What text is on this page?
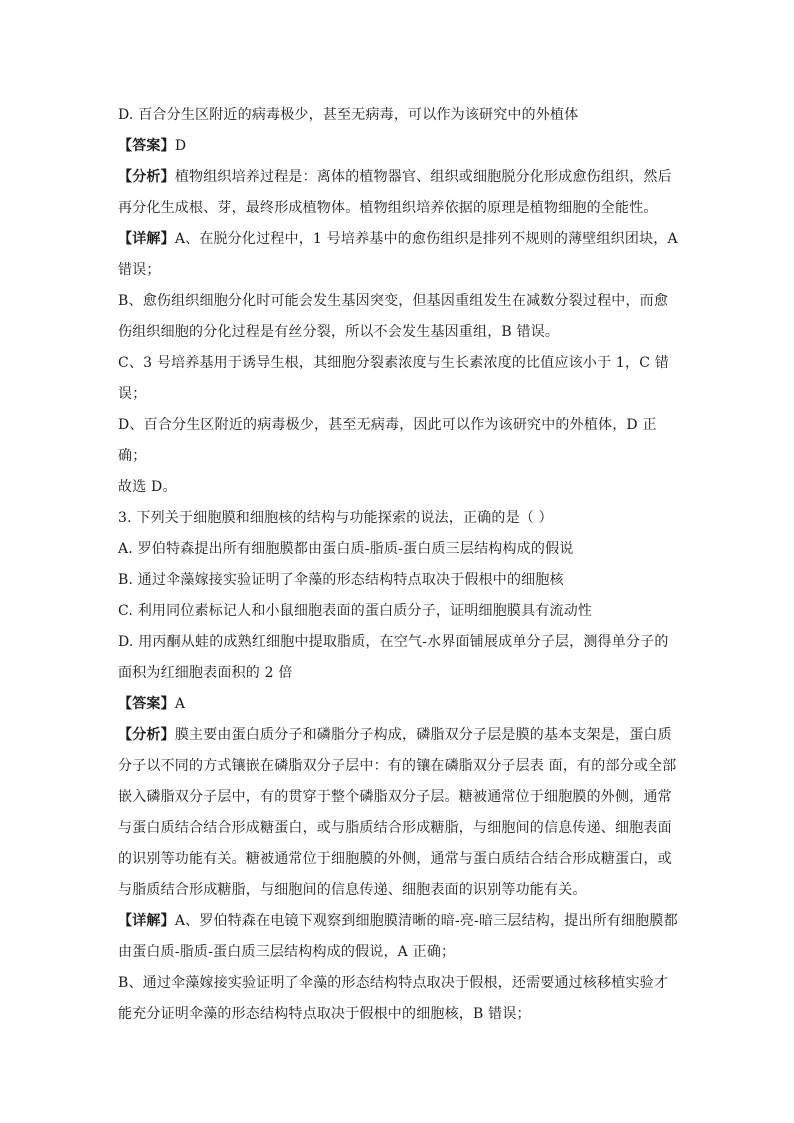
D. 百合分生区附近的病毒极少，甚至无病毒，可以作为该研究中的外植体
【答案】D
【分析】植物组织培养过程是：离体的植物器官、组织或细胞脱分化形成愈伤组织，然后
再分化生成根、芽，最终形成植物体。植物组织培养依据的原理是植物细胞的全能性。
【详解】A、在脱分化过程中，1 号培养基中的愈伤组织是排列不规则的薄壁组织团块，A
错误；
B、愈伤组织细胞分化时可能会发生基因突变，但基因重组发生在减数分裂过程中，而愈
伤组织细胞的分化过程是有丝分裂，所以不会发生基因重组，B 错误。
C、3 号培养基用于诱导生根，其细胞分裂素浓度与生长素浓度的比值应该小于 1，C 错
误；
D、百合分生区附近的病毒极少，甚至无病毒，因此可以作为该研究中的外植体，D 正
确；
故选 D。
3. 下列关于细胞膜和细胞核的结构与功能探索的说法，正确的是（ ）
A. 罗伯特森提出所有细胞膜都由蛋白质-脂质-蛋白质三层结构构成的假说
B. 通过伞藻嫁接实验证明了伞藻的形态结构特点取决于假根中的细胞核
C. 利用同位素标记人和小鼠细胞表面的蛋白质分子，证明细胞膜具有流动性
D. 用丙酮从蛙的成熟红细胞中提取脂质，在空气-水界面铺展成单分子层，测得单分子的
面积为红细胞表面积的 2 倍
【答案】A
【分析】膜主要由蛋白质分子和磷脂分子构成，磷脂双分子层是膜的基本支架是，蛋白质
分子以不同的方式镶嵌在磷脂双分子层中：有的镶在磷脂双分子层表 面，有的部分或全部
嵌入磷脂双分子层中，有的贯穿于整个磷脂双分子层。糖被通常位于细胞膜的外侧，通常
与蛋白质结合结合形成糖蛋白，或与脂质结合形成糖脂，与细胞间的信息传递、细胞表面
的识别等功能有关。糖被通常位于细胞膜的外侧，通常与蛋白质结合结合形成糖蛋白，或
与脂质结合形成糖脂，与细胞间的信息传递、细胞表面的识别等功能有关。
【详解】A、罗伯特森在电镜下观察到细胞膜清晰的暗-亮-暗三层结构，提出所有细胞膜都
由蛋白质-脂质-蛋白质三层结构构成的假说，A 正确；
B、通过伞藻嫁接实验证明了伞藻的形态结构特点取决于假根，还需要通过核移植实验才
能充分证明伞藻的形态结构特点取决于假根中的细胞核，B 错误；
